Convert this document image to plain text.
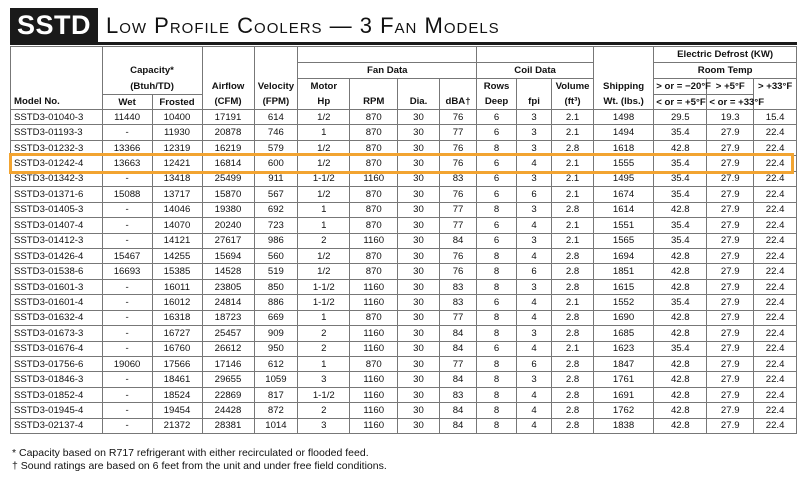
SSTD Low Profile Coolers — 3 Fan Models
													Electric Defrost (KW)		
	Capacity*				Fan Data				Coil Data				Room Temp		
	(Btuh/TD)		Airflow	Velocity	Motor				Rows		Volume	Shipping	> or = −20°F	> +5°F	> +33°F
Model No.	Wet	Frosted	(CFM)	(FPM)	Hp	RPM	Dia.	dBA†	Deep	fpi	(ft³)	Wt. (lbs.)	< or = +5°F	< or = +33°F	
SSTD3-01040-3	11440	10400	17191	614	1/2	870	30	76	6	3	2.1	1498	29.5	19.3	15.4
SSTD3-01193-3	-	11930	20878	746	1	870	30	77	6	3	2.1	1494	35.4	27.9	22.4
SSTD3-01232-3	13366	12319	16219	579	1/2	870	30	76	8	3	2.8	1618	42.8	27.9	22.4
SSTD3-01242-4	13663	12421	16814	600	1/2	870	30	76	6	4	2.1	1555	35.4	27.9	22.4
SSTD3-01342-3	-	13418	25499	911	1-1/2	1160	30	83	6	3	2.1	1495	35.4	27.9	22.4
SSTD3-01371-6	15088	13717	15870	567	1/2	870	30	76	6	6	2.1	1674	35.4	27.9	22.4
SSTD3-01405-3	-	14046	19380	692	1	870	30	77	8	3	2.8	1614	42.8	27.9	22.4
SSTD3-01407-4	-	14070	20240	723	1	870	30	77	6	4	2.1	1551	35.4	27.9	22.4
SSTD3-01412-3	-	14121	27617	986	2	1160	30	84	6	3	2.1	1565	35.4	27.9	22.4
SSTD3-01426-4	15467	14255	15694	560	1/2	870	30	76	8	4	2.8	1694	42.8	27.9	22.4
SSTD3-01538-6	16693	15385	14528	519	1/2	870	30	76	8	6	2.8	1851	42.8	27.9	22.4
SSTD3-01601-3	-	16011	23805	850	1-1/2	1160	30	83	8	3	2.8	1615	42.8	27.9	22.4
SSTD3-01601-4	-	16012	24814	886	1-1/2	1160	30	83	6	4	2.1	1552	35.4	27.9	22.4
SSTD3-01632-4	-	16318	18723	669	1	870	30	77	8	4	2.8	1690	42.8	27.9	22.4
SSTD3-01673-3	-	16727	25457	909	2	1160	30	84	8	3	2.8	1685	42.8	27.9	22.4
SSTD3-01676-4	-	16760	26612	950	2	1160	30	84	6	4	2.1	1623	35.4	27.9	22.4
SSTD3-01756-6	19060	17566	17146	612	1	870	30	77	8	6	2.8	1847	42.8	27.9	22.4
SSTD3-01846-3	-	18461	29655	1059	3	1160	30	84	8	3	2.8	1761	42.8	27.9	22.4
SSTD3-01852-4	-	18524	22869	817	1-1/2	1160	30	83	8	4	2.8	1691	42.8	27.9	22.4
SSTD3-01945-4	-	19454	24428	872	2	1160	30	84	8	4	2.8	1762	42.8	27.9	22.4
SSTD3-02137-4	-	21372	28381	1014	3	1160	30	84	8	4	2.8	1838	42.8	27.9	22.4
* Capacity based on R717 refrigerant with either recirculated or flooded feed.
† Sound ratings are based on 6 feet from the unit and under free field conditions.
